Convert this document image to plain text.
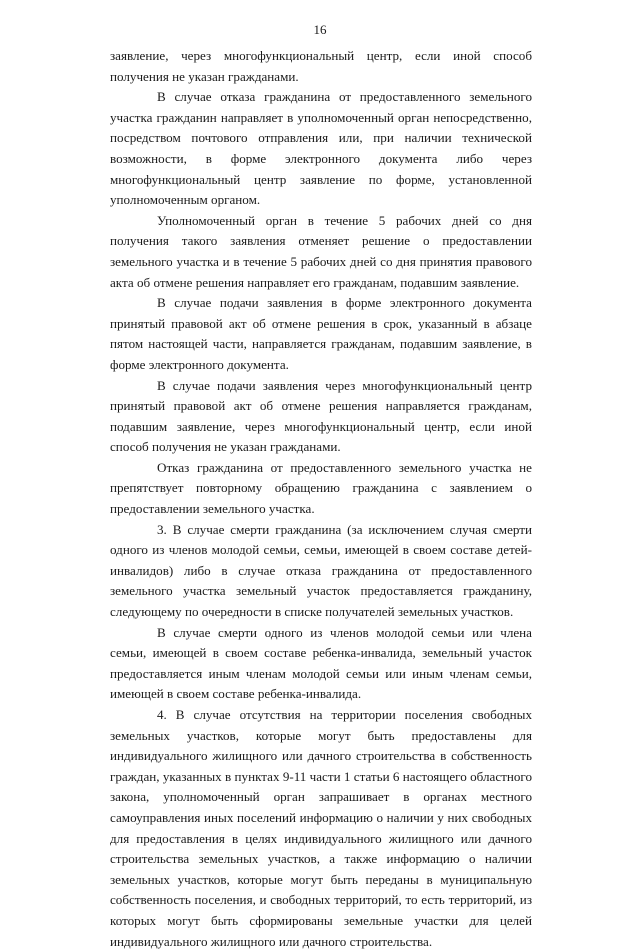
16

заявление, через многофункциональный центр, если иной способ получения не указан гражданами.

В случае отказа гражданина от предоставленного земельного участка гражданин направляет в уполномоченный орган непосредственно, посредством почтового отправления или, при наличии технической возможности, в форме электронного документа либо через многофункциональный центр заявление по форме, установленной уполномоченным органом.

Уполномоченный орган в течение 5 рабочих дней со дня получения такого заявления отменяет решение о предоставлении земельного участка и в течение 5 рабочих дней со дня принятия правового акта об отмене решения направляет его гражданам, подавшим заявление.

В случае подачи заявления в форме электронного документа принятый правовой акт об отмене решения в срок, указанный в абзаце пятом настоящей части, направляется гражданам, подавшим заявление, в форме электронного документа.

В случае подачи заявления через многофункциональный центр принятый правовой акт об отмене решения направляется гражданам, подавшим заявление, через многофункциональный центр, если иной способ получения не указан гражданами.

Отказ гражданина от предоставленного земельного участка не препятствует повторному обращению гражданина с заявлением о предоставлении земельного участка.

3. В случае смерти гражданина (за исключением случая смерти одного из членов молодой семьи, семьи, имеющей в своем составе детей-инвалидов) либо в случае отказа гражданина от предоставленного земельного участка земельный участок предоставляется гражданину, следующему по очередности в списке получателей земельных участков.

В случае смерти одного из членов молодой семьи или члена семьи, имеющей в своем составе ребенка-инвалида, земельный участок предоставляется иным членам молодой семьи или иным членам семьи, имеющей в своем составе ребенка-инвалида.

4. В случае отсутствия на территории поселения свободных земельных участков, которые могут быть предоставлены для индивидуального жилищного или дачного строительства в собственность граждан, указанных в пунктах 9-11 части 1 статьи 6 настоящего областного закона, уполномоченный орган запрашивает в органах местного самоуправления иных поселений информацию о наличии у них свободных для предоставления в целях индивидуального жилищного или дачного строительства земельных участков, а также информацию о наличии земельных участков, которые могут быть переданы в муниципальную собственность поселения, и свободных территорий, то есть территорий, из которых могут быть сформированы земельные участки для целей индивидуального жилищного или дачного строительства.
